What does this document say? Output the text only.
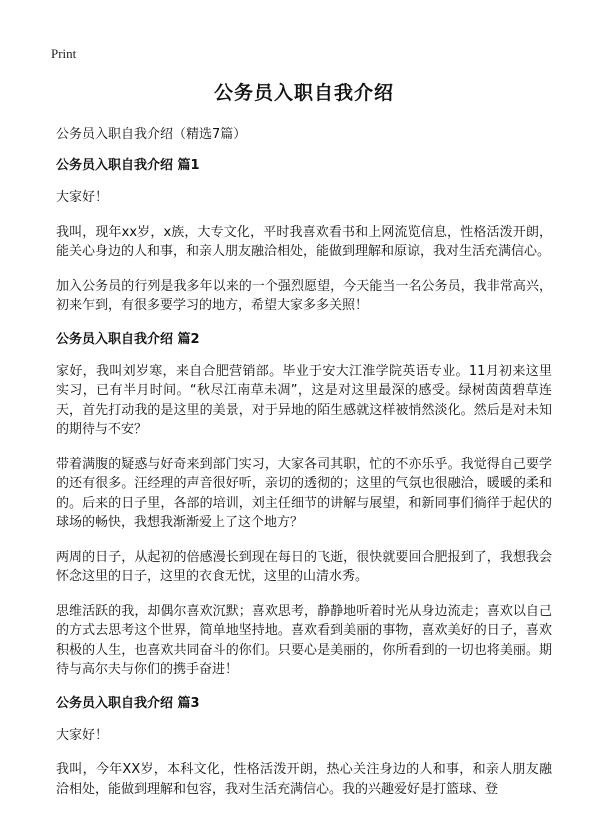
Print
公务员入职自我介绍

公务员入职自我介绍（精选7篇）

公务员入职自我介绍 篇1

大家好！

我叫，现年xx岁，x族，大专文化，平时我喜欢看书和上网流览信息，性格活泼开朗，能关心身边的人和事，和亲人朋友融洽相处，能做到理解和原谅，我对生活充满信心。

加入公务员的行列是我多年以来的一个强烈愿望，今天能当一名公务员，我非常高兴，初来乍到，有很多要学习的地方，希望大家多多关照！

公务员入职自我介绍 篇2

家好，我叫刘岁寒，来自合肥营销部。毕业于安大江淮学院英语专业。11月初来这里实习，已有半月时间。“秋尽江南草未凋”，这是对这里最深的感受。绿树茵茵碧草连天，首先打动我的是这里的美景，对于异地的陌生感就这样被悄然淡化。然后是对未知的期待与不安？

带着满腹的疑惑与好奇来到部门实习，大家各司其职，忙的不亦乐乎。我觉得自己要学的还有很多。汪经理的声音很好听，亲切的透彻的；这里的气氛也很融洽，暖暖的柔和的。后来的日子里，各部的培训，刘主任细节的讲解与展望，和新同事们徜徉于起伏的球场的畅快，我想我渐渐爱上了这个地方？

两周的日子，从起初的倍感漫长到现在每日的飞逝，很快就要回合肥报到了，我想我会怀念这里的日子，这里的衣食无忧，这里的山清水秀。

思维活跃的我，却偶尔喜欢沉默；喜欢思考，静静地听着时光从身边流走；喜欢以自己的方式去思考这个世界，简单地坚持地。喜欢看到美丽的事物，喜欢美好的日子，喜欢积极的人生，也喜欢共同奋斗的你们。只要心是美丽的，你所看到的一切也将美丽。期待与高尔夫与你们的携手奋进！

公务员入职自我介绍 篇3

大家好！

我叫，今年XX岁，本科文化，性格活泼开朗，热心关注身边的人和事，和亲人朋友融洽相处，能做到理解和包容，我对生活充满信心。我的兴趣爱好是打篮球、登
